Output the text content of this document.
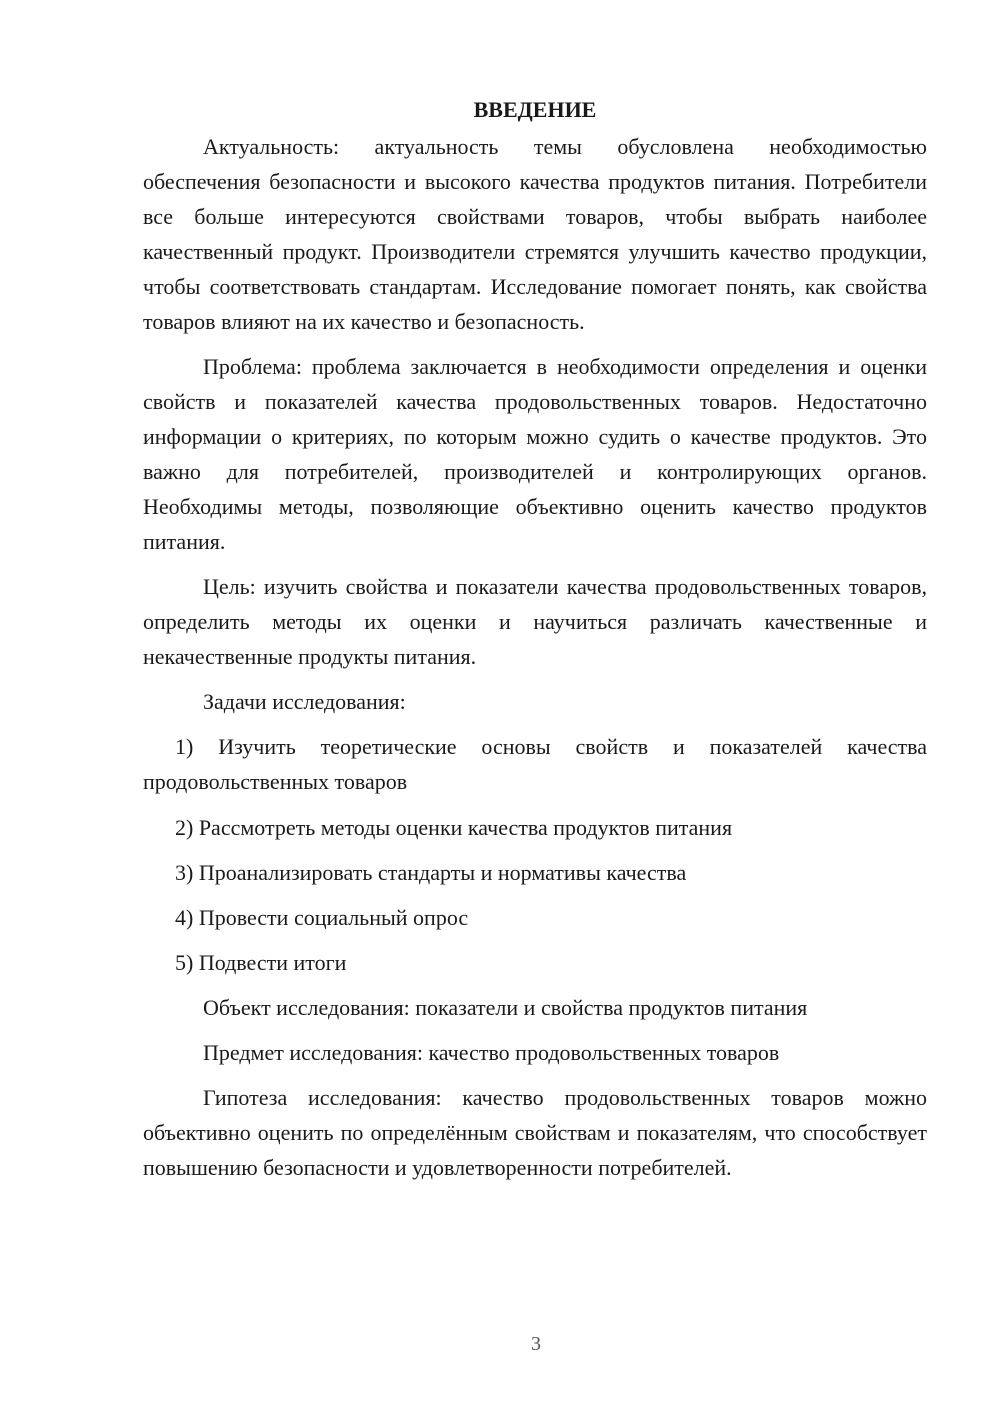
ВВЕДЕНИЕ

Актуальность: актуальность темы обусловлена необходимостью обеспечения безопасности и высокого качества продуктов питания. Потребители все больше интересуются свойствами товаров, чтобы выбрать наиболее качественный продукт. Производители стремятся улучшить качество продукции, чтобы соответствовать стандартам. Исследование помогает понять, как свойства товаров влияют на их качество и безопасность.

Проблема: проблема заключается в необходимости определения и оценки свойств и показателей качества продовольственных товаров. Недостаточно информации о критериях, по которым можно судить о качестве продуктов. Это важно для потребителей, производителей и контролирующих органов. Необходимы методы, позволяющие объективно оценить качество продуктов питания.

Цель: изучить свойства и показатели качества продовольственных товаров, определить методы их оценки и научиться различать качественные и некачественные продукты питания.

Задачи исследования:

1) Изучить теоретические основы свойств и показателей качества продовольственных товаров

2) Рассмотреть методы оценки качества продуктов питания

3) Проанализировать стандарты и нормативы качества

4) Провести социальный опрос

5) Подвести итоги

Объект исследования: показатели и свойства продуктов питания

Предмет исследования: качество продовольственных товаров

Гипотеза исследования: качество продовольственных товаров можно объективно оценить по определённым свойствам и показателям, что способствует повышению безопасности и удовлетворенности потребителей.

3
